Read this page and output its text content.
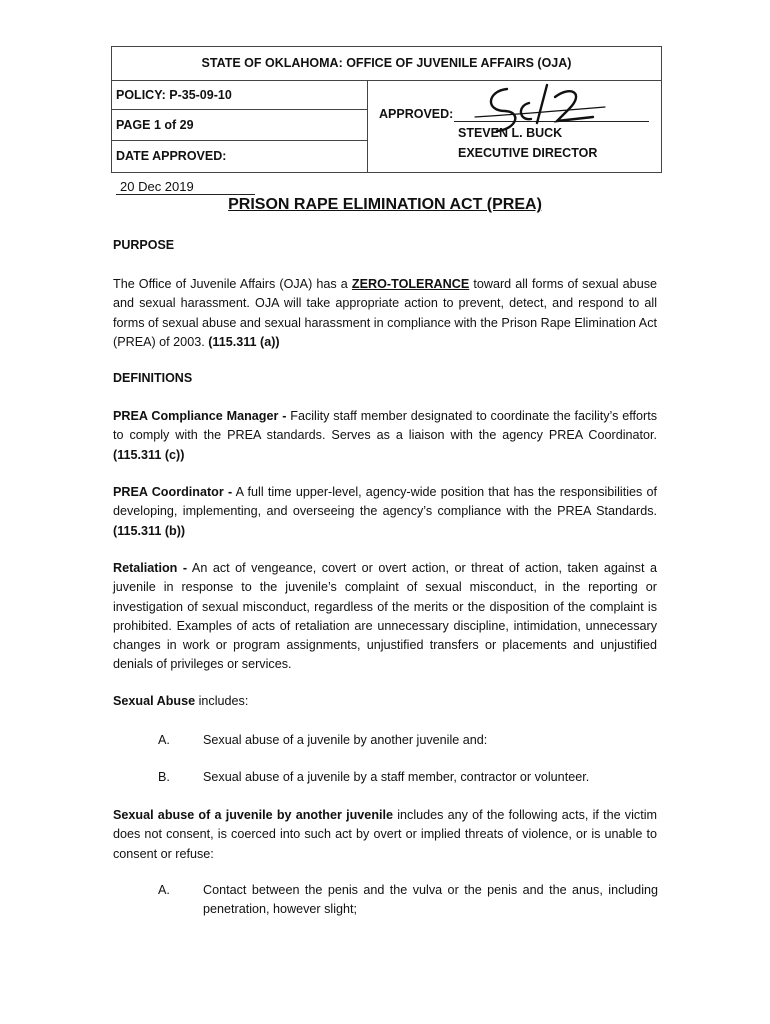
STATE OF OKLAHOMA: OFFICE OF JUVENILE AFFAIRS (OJA)
POLICY: P-35-09-10
PAGE 1 of 29
DATE APPROVED: 20 Dec 2019
APPROVED:
STEVEN L. BUCK
EXECUTIVE DIRECTOR
PRISON RAPE ELIMINATION ACT (PREA)
PURPOSE
The Office of Juvenile Affairs (OJA) has a ZERO-TOLERANCE toward all forms of sexual abuse and sexual harassment. OJA will take appropriate action to prevent, detect, and respond to all forms of sexual abuse and sexual harassment in compliance with the Prison Rape Elimination Act (PREA) of 2003. (115.311 (a))
DEFINITIONS
PREA Compliance Manager - Facility staff member designated to coordinate the facility’s efforts to comply with the PREA standards. Serves as a liaison with the agency PREA Coordinator. (115.311 (c))
PREA Coordinator - A full time upper-level, agency-wide position that has the responsibilities of developing, implementing, and overseeing the agency’s compliance with the PREA Standards. (115.311 (b))
Retaliation - An act of vengeance, covert or overt action, or threat of action, taken against a juvenile in response to the juvenile’s complaint of sexual misconduct, in the reporting or investigation of sexual misconduct, regardless of the merits or the disposition of the complaint is prohibited. Examples of acts of retaliation are unnecessary discipline, intimidation, unnecessary changes in work or program assignments, unjustified transfers or placements and unjustified denials of privileges or services.
Sexual Abuse includes:
A.	Sexual abuse of a juvenile by another juvenile and:
B.	Sexual abuse of a juvenile by a staff member, contractor or volunteer.
Sexual abuse of a juvenile by another juvenile includes any of the following acts, if the victim does not consent, is coerced into such act by overt or implied threats of violence, or is unable to consent or refuse:
A.	Contact between the penis and the vulva or the penis and the anus, including penetration, however slight;
